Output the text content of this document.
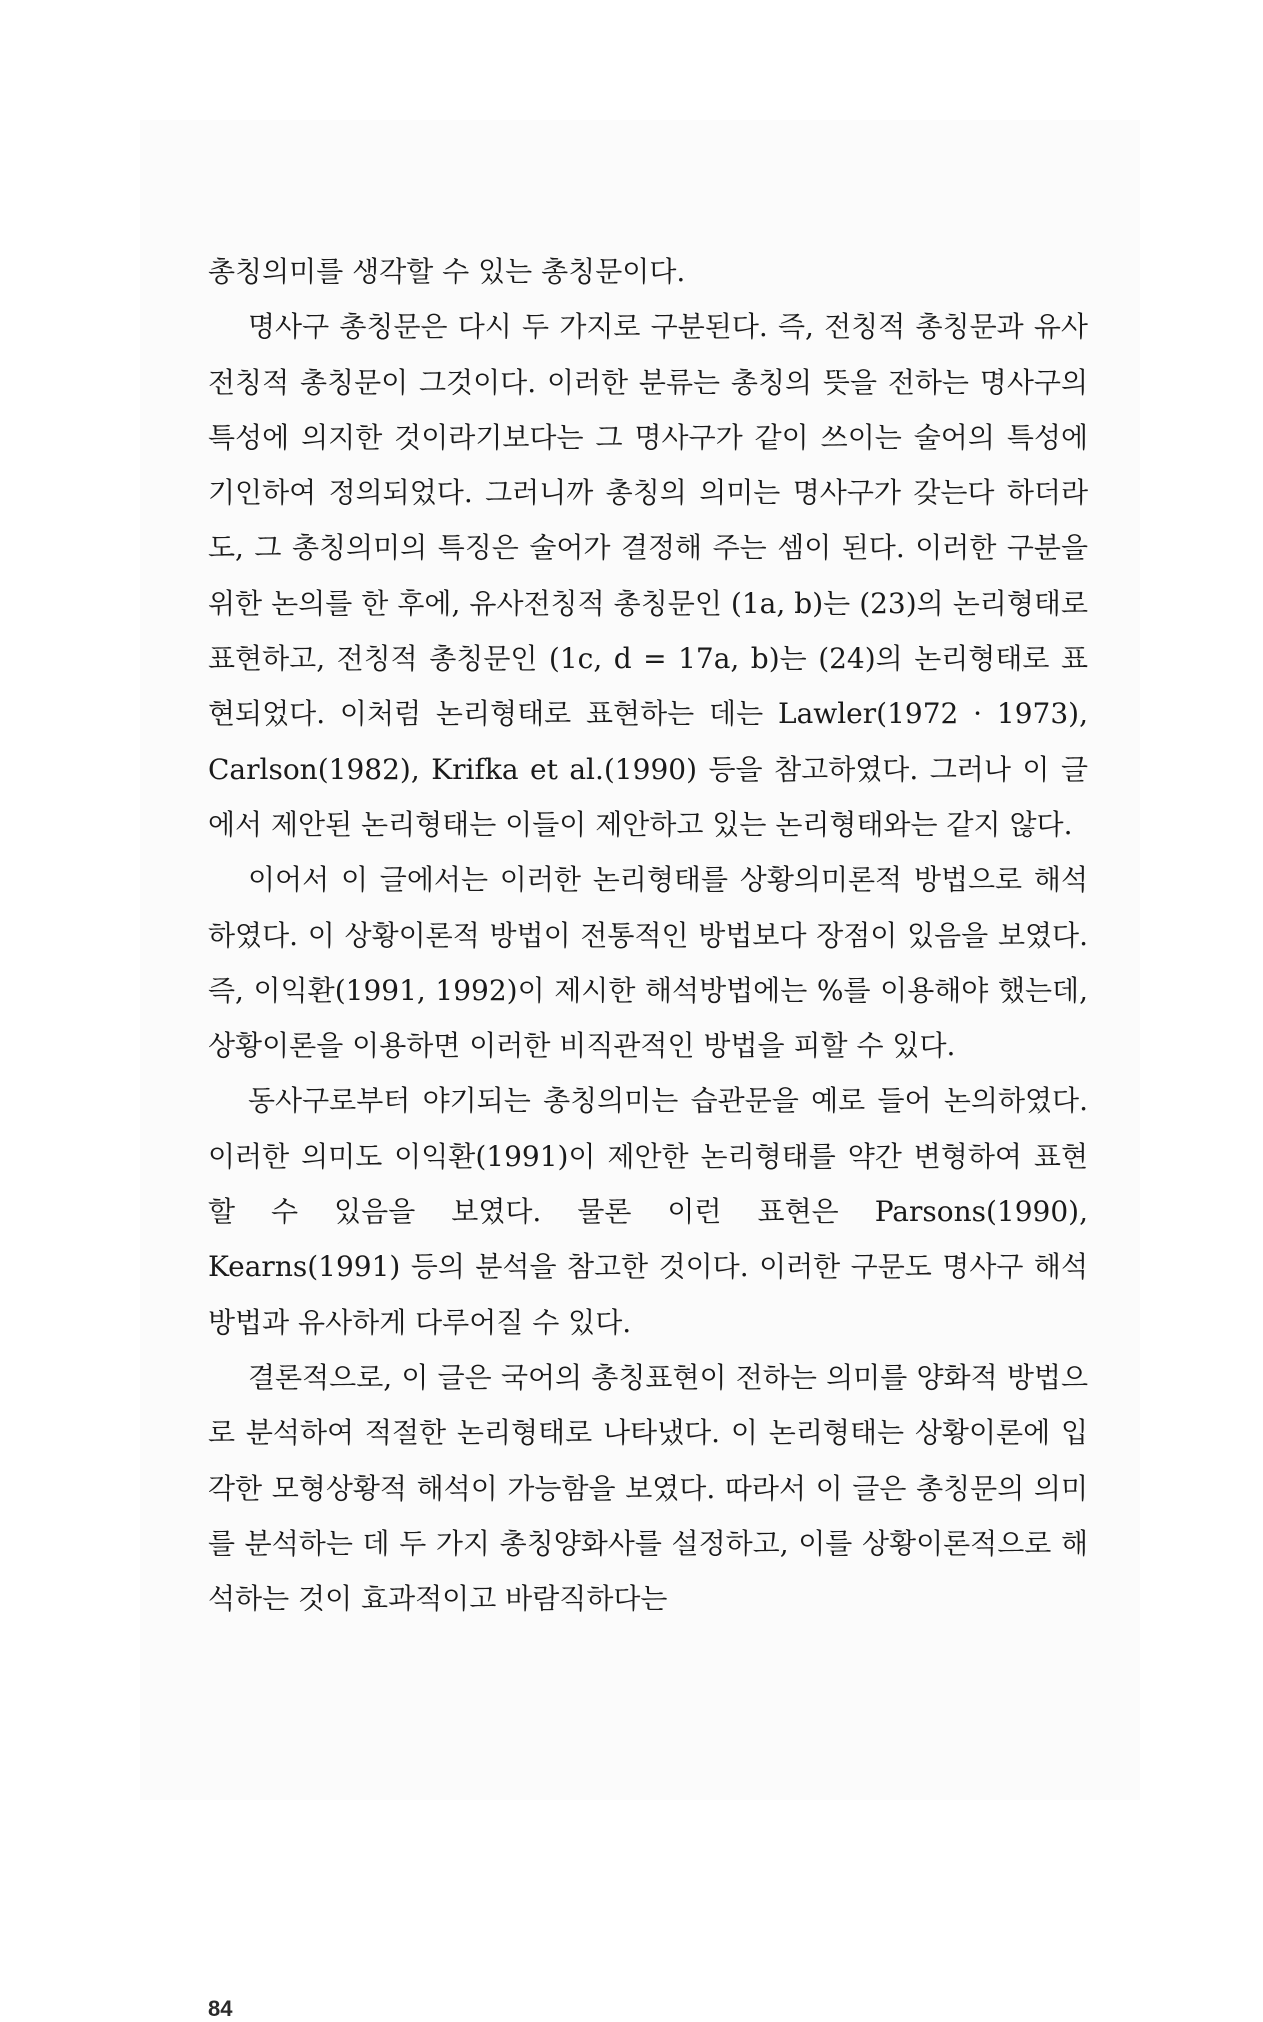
총칭의미를 생각할 수 있는 총칭문이다.

명사구 총칭문은 다시 두 가지로 구분된다. 즉, 전칭적 총칭문과 유사전칭적 총칭문이 그것이다. 이러한 분류는 총칭의 뜻을 전하는 명사구의 특성에 의지한 것이라기보다는 그 명사구가 같이 쓰이는 술어의 특성에 기인하여 정의되었다. 그러니까 총칭의 의미는 명사구가 갖는다 하더라도, 그 총칭의미의 특징은 술어가 결정해 주는 셈이 된다. 이러한 구분을 위한 논의를 한 후에, 유사전칭적 총칭문인 (1a, b)는 (23)의 논리형태로 표현하고, 전칭적 총칭문인 (1c, d = 17a, b)는 (24)의 논리형태로 표현되었다. 이처럼 논리형태로 표현하는 데는 Lawler(1972 · 1973), Carlson(1982), Krifka et al.(1990) 등을 참고하였다. 그러나 이 글에서 제안된 논리형태는 이들이 제안하고 있는 논리형태와는 같지 않다.

이어서 이 글에서는 이러한 논리형태를 상황의미론적 방법으로 해석하였다. 이 상황이론적 방법이 전통적인 방법보다 장점이 있음을 보였다. 즉, 이익환(1991, 1992)이 제시한 해석방법에는 %를 이용해야 했는데, 상황이론을 이용하면 이러한 비직관적인 방법을 피할 수 있다.

동사구로부터 야기되는 총칭의미는 습관문을 예로 들어 논의하였다. 이러한 의미도 이익환(1991)이 제안한 논리형태를 약간 변형하여 표현할 수 있음을 보였다. 물론 이런 표현은 Parsons(1990), Kearns(1991) 등의 분석을 참고한 것이다. 이러한 구문도 명사구 해석방법과 유사하게 다루어질 수 있다.

결론적으로, 이 글은 국어의 총칭표현이 전하는 의미를 양화적 방법으로 분석하여 적절한 논리형태로 나타냈다. 이 논리형태는 상황이론에 입각한 모형상황적 해석이 가능함을 보였다. 따라서 이 글은 총칭문의 의미를 분석하는 데 두 가지 총칭양화사를 설정하고, 이를 상황이론적으로 해석하는 것이 효과적이고 바람직하다는

84
